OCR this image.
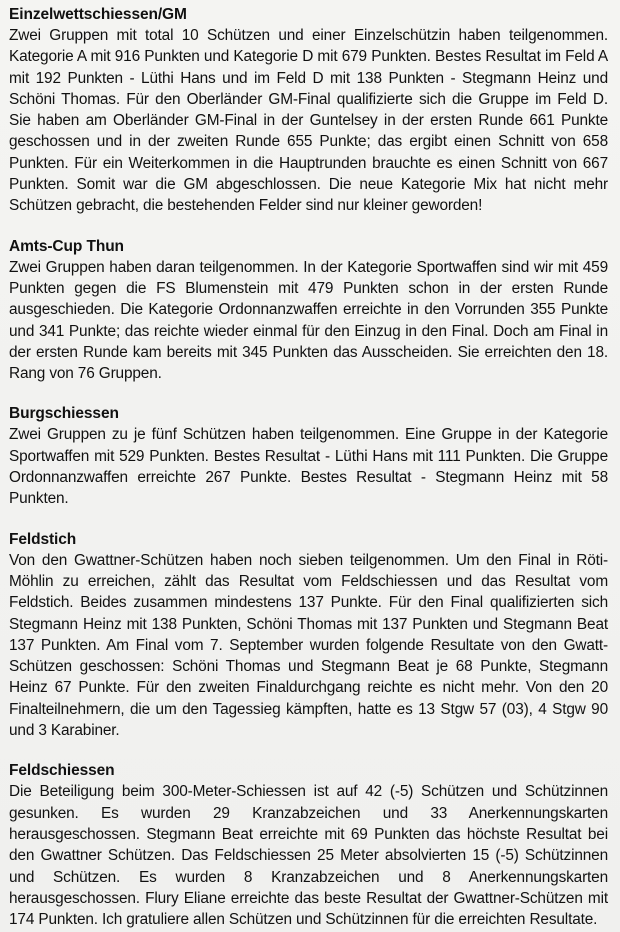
Einzelwettschiessen/GM

Zwei Gruppen mit total 10 Schützen und einer Einzelschützin haben teilgenommen. Kategorie A mit 916 Punkten und Kategorie D mit 679 Punkten. Bestes Resultat im Feld A mit 192 Punkten - Lüthi Hans und im Feld D mit 138 Punkten - Stegmann Heinz und Schöni Thomas. Für den Oberländer GM-Final qualifizierte sich die Gruppe im Feld D. Sie haben am Oberländer GM-Final in der Guntelsey in der ersten Runde 661 Punkte geschossen und in der zweiten Runde 655 Punkte; das ergibt einen Schnitt von 658 Punkten. Für ein Weiterkommen in die Hauptrunden brauchte es einen Schnitt von 667 Punkten. Somit war die GM abgeschlossen. Die neue Kategorie Mix hat nicht mehr Schützen gebracht, die bestehenden Felder sind nur kleiner geworden!

Amts-Cup Thun

Zwei Gruppen haben daran teilgenommen. In der Kategorie Sportwaffen sind wir mit 459 Punkten gegen die FS Blumenstein mit 479 Punkten schon in der ersten Runde ausgeschieden. Die Kategorie Ordonnanzwaffen erreichte in den Vorrunden 355 Punkte und 341 Punkte; das reichte wieder einmal für den Einzug in den Final. Doch am Final in der ersten Runde kam bereits mit 345 Punkten das Ausscheiden. Sie erreichten den 18. Rang von 76 Gruppen.

Burgschiessen

Zwei Gruppen zu je fünf Schützen haben teilgenommen. Eine Gruppe in der Kategorie Sportwaffen mit 529 Punkten. Bestes Resultat - Lüthi Hans mit 111 Punkten. Die Gruppe Ordonnanzwaffen erreichte 267 Punkte. Bestes Resultat - Stegmann Heinz mit 58 Punkten.

Feldstich

Von den Gwattner-Schützen haben noch sieben teilgenommen. Um den Final in Röti-Möhlin zu erreichen, zählt das Resultat vom Feldschiessen und das Resultat vom Feldstich. Beides zusammen mindestens 137 Punkte. Für den Final qualifizierten sich Stegmann Heinz mit 138 Punkten, Schöni Thomas mit 137 Punkten und Stegmann Beat 137 Punkten. Am Final vom 7. September wurden folgende Resultate von den Gwatt-Schützen geschossen: Schöni Thomas und Stegmann Beat je 68 Punkte, Stegmann Heinz 67 Punkte. Für den zweiten Finaldurchgang reichte es nicht mehr. Von den 20 Finalteilnehmern, die um den Tagessieg kämpften, hatte es 13 Stgw 57 (03), 4 Stgw 90 und 3 Karabiner.

Feldschiessen

Die Beteiligung beim 300-Meter-Schiessen ist auf 42 (-5) Schützen und Schützinnen gesunken. Es wurden 29 Kranzabzeichen und 33 Anerkennungskarten herausgeschossen. Stegmann Beat erreichte mit 69 Punkten das höchste Resultat bei den Gwattner Schützen. Das Feldschiessen 25 Meter absolvierten 15 (-5) Schützinnen und Schützen. Es wurden 8 Kranzabzeichen und 8 Anerkennungskarten herausgeschossen. Flury Eliane erreichte das beste Resultat der Gwattner-Schützen mit 174 Punkten. Ich gratuliere allen Schützen und Schützinnen für die erreichten Resultate.
